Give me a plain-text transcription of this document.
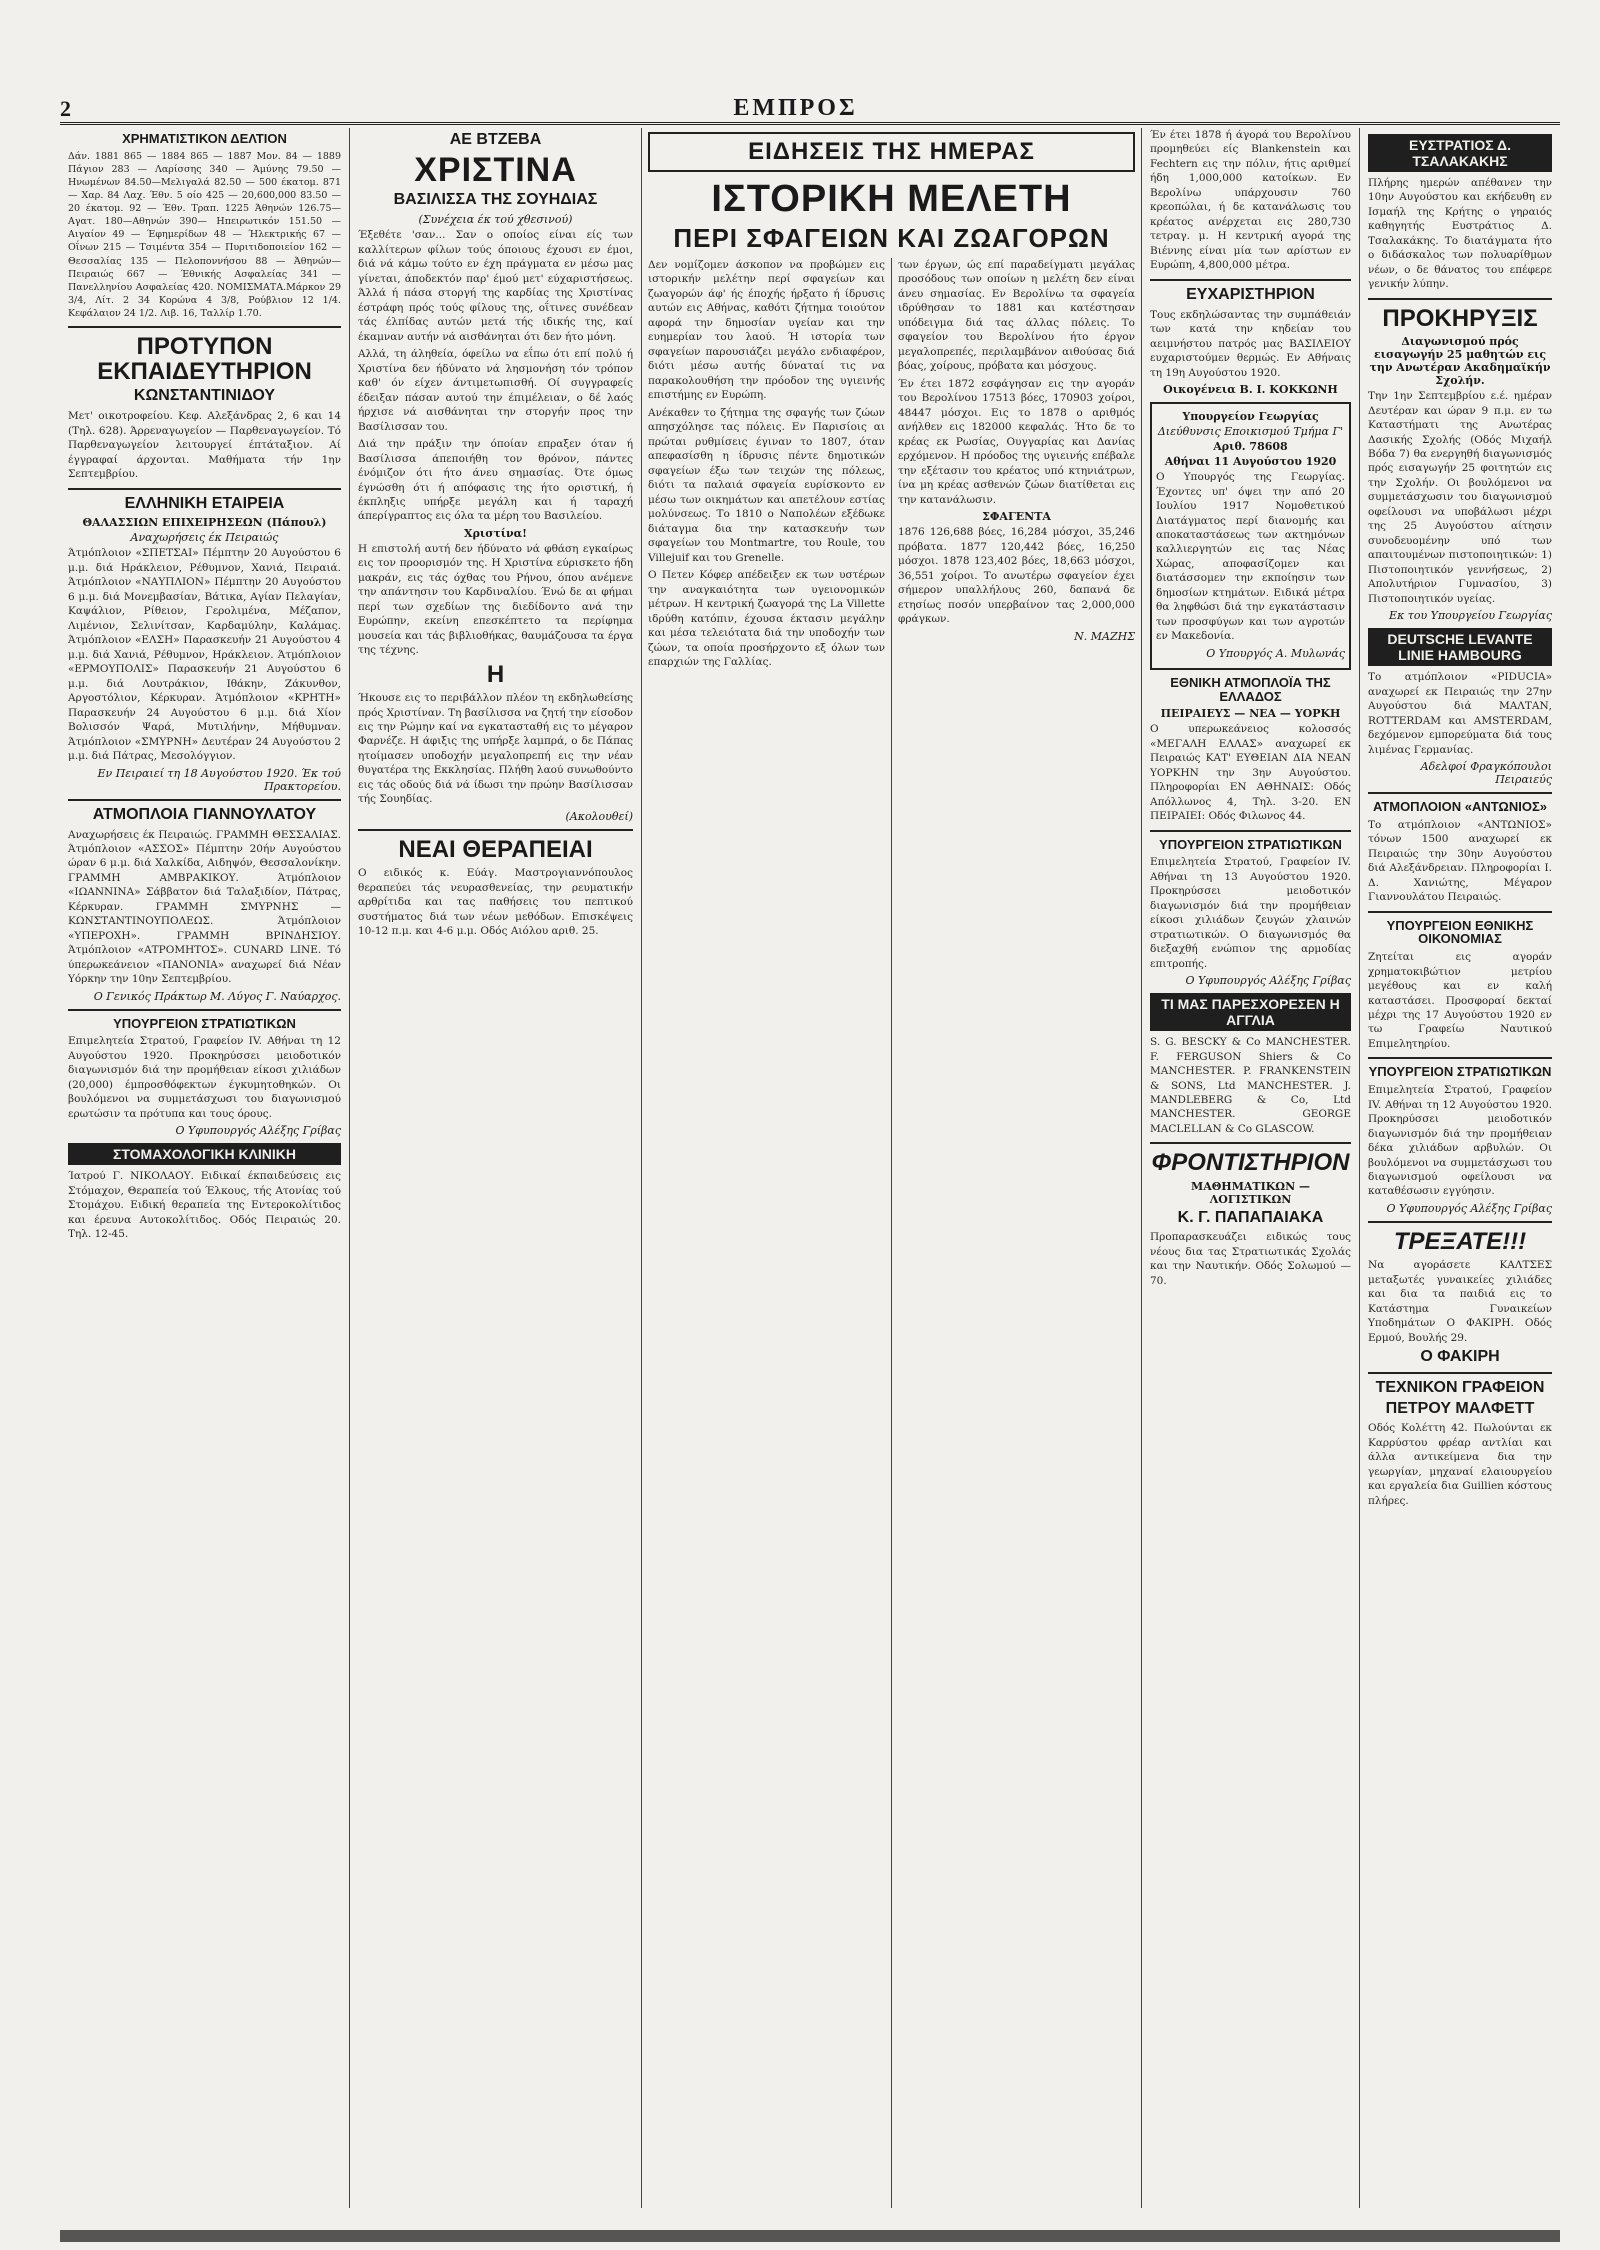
2	ΕΜΠΡΟΣ
ΧΡΗΜΑΤΙΣΤΙΚΟΝ ΔΕΛΤΙΟΝ

Δάν. 1881 865 — 1884 865 — 1887 Μον. 84 — 1889 Πάγιον 283 — Λαρίσσης 340 — Άμύνης 79.50 — Ηνωμένων 84.50—Μελιγαλά 82.50 — 500 έκατομ. 871 — Χαρ. 84 Λαχ. Έθν. 5 οίο 425 — 20,600,000 83.50 — 20 έκατομ. 92 — Έθν. Τραπ. 1225 Άθηνών 126.75—Αγατ. 180—Αθηνών 390— Ηπειρωτικόν 151.50 — Αιγαίον 49 — Έφημερίδων 48 — Ήλεκτρικής 67 — Οΐνων 215 — Τσιμέντα 354 — Πυριτιδοποιείον 162 — Θεσσαλίας 135 — Πελοποννήσου 88 — Άθηνών—Πειραιώς 667 — Έθνικής Ασφαλείας 341 — Πανελληνίου Ασφαλείας 420. ΝΟΜΙΣΜΑΤΑ.Μάρκον 29 3/4, Λίτ. 2 34 Κορώνα 4 3/8, Ρούβλιον 12 1/4. Κεφάλαιον 24 1/2. Λιβ. 16, Ταλλίρ 1.70.

ΠΡΟΤΥΠΟΝ ΕΚΠΑΙΔΕΥΤΗΡΙΟΝ
ΚΩΝΣΤΑΝΤΙΝΙΔΟΥ

Μετ' οικοτροφείου. Κεφ. Αλεξάνδρας 2, 6 και 14 (Τηλ. 628). Άρρεναγωγείον — Παρθεναγωγείον. Τό Παρθεναγωγείον λειτουργεί έπτάταξιον. Αί έγγραφαί άρχονται. Μαθήματα τήν 1ην Σεπτεμβρίου.

ΕΛΛΗΝΙΚΗ ΕΤΑΙΡΕΙΑ
ΘΑΛΑΣΣΙΩΝ ΕΠΙΧΕΙΡΗΣΕΩΝ (Πάπουλ)
Αναχωρήσεις έκ Πειραιώς

Άτμόπλοιον «ΣΠΕΤΣΑΙ» Πέμπτην 20 Αυγούστου 6 μ.μ. διά Ηράκλειον, Ρέθυμνον, Χανιά, Πειραιά. Άτμόπλοιον «ΝΑΥΠΛΙΟΝ» Πέμπτην 20 Αυγούστου 6 μ.μ. διά Μονεμβασίαν, Βάτικα, Αγίαν Πελαγίαν, Καψάλιον, Ρίθειον, Γερολιμένα, Μέζαπον, Λιμένιον, Σελινίτσαν, Καρδαμύλην, Καλάμας. Άτμόπλοιον «ΕΛΣΗ» Παρασκευήν 21 Αυγούστου 4 μ.μ. διά Χανιά, Ρέθυμνον, Ηράκλειον. Άτμόπλοιον «ΕΡΜΟΥΠΟΛΙΣ» Παρασκευήν 21 Αυγούστου 6 μ.μ. διά Λουτράκιον, Ιθάκην, Ζάκυνθον, Αργοστόλιον, Κέρκυραν. Άτμόπλοιον «ΚΡΗΤΗ» Παρασκευήν 24 Αυγούστου 6 μ.μ. διά Χίον Βολισσόν Ψαρά, Μυτιλήνην, Μήθυμναν. Άτμόπλοιον «ΣΜΥΡΝΗ» Δευτέραν 24 Αυγούστου 2 μ.μ. διά Πάτρας, Μεσολόγγιον.

Εν Πειραιεί τη 18 Αυγούστου 1920. Έκ τού Πρακτορείου.
ΑΤΜΟΠΛΟΙΑ ΓΙΑΝΝΟΥΛΑΤΟΥ

Αναχωρήσεις έκ Πειραιώς. ΓΡΑΜΜΗ ΘΕΣΣΑΛΙΑΣ. Άτμόπλοιον «ΑΣΣΟΣ» Πέμπτην 20ήν Αυγούστου ώραν 6 μ.μ. διά Χαλκίδα, Αιδηψόν, Θεσσαλονίκην. ΓΡΑΜΜΗ ΑΜΒΡΑΚΙΚΟΥ. Άτμόπλοιον «ΙΩΑΝΝΙΝΑ» Σάββατον διά Ταλαξιδίον, Πάτρας, Κέρκυραν. ΓΡΑΜΜΗ ΣΜΥΡΝΗΣ — ΚΩΝΣΤΑΝΤΙΝΟΥΠΟΛΕΩΣ. Άτμόπλοιον «ΥΠΕΡΟΧΗ». ΓΡΑΜΜΗ ΒΡΙΝΔΗΣΙΟΥ. Άτμόπλοιον «ΑΤΡΟΜΗΤΟΣ». CUNARD LINE. Τό ύπερωκεάνειον «ΠΑΝΟΝΙΑ» αναχωρεί διά Νέαν Υόρκην την 10ην Σεπτεμβρίου.

Ο Γενικός Πράκτωρ Μ. Λύγος Γ. Ναύαρχος.
ΥΠΟΥΡΓΕΙΟΝ ΣΤΡΑΤΙΩΤΙΚΩΝ

Επιμελητεία Στρατού, Γραφείον IV. Αθήναι τη 12 Αυγούστου 1920. Προκηρύσσει μειοδοτικόν διαγωνισμόν διά την προμήθειαν είκοσι χιλιάδων (20,000) έμπροσθόφεκτων έγκυμητοθηκών. Οι βουλόμενοι να συμμετάσχωσι του διαγωνισμού ερωτώσιν τα πρότυπα και τους όρους.

Ο Υφυπουργός Αλέξης Γρίβας
ΣΤΟΜΑΧΟΛΟΓΙΚΗ ΚΛΙΝΙΚΗ

Ίατρού Γ. ΝΙΚΟΛΑΟΥ. Ειδικαί έκπαιδεύσεις εις Στόμαχον, Θεραπεία τού Έλκους, τής Ατονίας τού Στομάχου. Ειδική θεραπεία της Εντεροκολίτιδος και έρευνα Αυτοκολίτιδος. Οδός Πειραιώς 20. Τηλ. 12-45.

ΑΕ ΒΤΖΕΒΑ
ΧΡΙΣΤΙΝΑ
ΒΑΣΙΛΙΣΣΑ ΤΗΣ ΣΟΥΗΔΙΑΣ
(Συνέχεια έκ τού χθεσινού)

Έξεθέτε 'σαν... Σαν ο οποίος είναι είς των καλλίτερων φίλων τούς όποιους έχουσι εν έμοι, διά νά κάμω τούτο εν έχη πράγματα εν μέσω μας γίνεται, άποδεκτόν παρ' έμού μετ' εύχαριστήσεως. Άλλά ή πάσα στοργή της καρδίας της Χριστίνας έστράφη πρός τούς φίλους της, οΐτινες συνέδεαν τάς έλπίδας αυτών μετά τής ιδικής της, καί έκαμναν αυτήν νά αισθάνηται ότι δεν ήτο μόνη.

Αλλά, τη άληθεία, όφείλω να εΐπω ότι επί πολύ ή Χριστίνα δεν ήδύνατο νά λησμονήση τόν τρόπον καθ' όν είχεν άντιμετωπισθή. Οί συγγραφείς έδειξαν πάσαν αυτού την έπιμέλειαν, ο δέ λαός ήρχισε νά αισθάνηται την στοργήν προς την Βασίλισσαν του.

Διά την πράξιν την όποίαν επραξεν όταν ή Βασίλισσα άπεποιήθη τον θρόνον, πάντες ένόμιζον ότι ήτο άνευ σημασίας. Ότε όμως έγνώσθη ότι ή απόφασις της ήτο οριστική, ή έκπληξις υπήρξε μεγάλη και ή ταραχή άπερίγραπτος εις όλα τα μέρη του Βασιλείου.

Χριστίνα!

Η επιστολή αυτή δεν ήδύνατο νά φθάση εγκαίρως εις τον προορισμόν της. Η Χριστίνα εύρισκετο ήδη μακράν, εις τάς όχθας του Ρήνου, όπου ανέμενε την απάντησιν του Καρδιναλίου. Ένώ δε αι φήμαι περί των σχεδίων της διεδίδοντο ανά την Ευρώπην, εκείνη επεσκέπτετο τα περίφημα μουσεία και τάς βιβλιοθήκας, θαυμάζουσα τα έργα της τέχνης.

Η

Ήκουσε εις το περιβάλλον πλέον τη εκδηλωθείσης πρός Χριστίναν. Τη βασίλισσα να ζητή την είσοδον εις την Ρώμην καί να εγκατασταθή εις το μέγαρον Φαρνέζε. Η άφιξις της υπήρξε λαμπρά, ο δε Πάπας ητοίμασεν υποδοχήν μεγαλοπρεπή εις την νέαν θυγατέρα της Εκκλησίας. Πλήθη λαού συνωθούντο εις τάς οδούς διά νά ίδωσι την πρώην Βασίλισσαν τής Σουηδίας.

(Ακολουθεί)
ΝΕΑΙ ΘΕΡΑΠΕΙΑΙ

Ο ειδικός κ. Εύάγ. Μαστρογιαννόπουλος θεραπεύει τάς νευρασθενείας, την ρευματικήν αρθρίτιδα και τας παθήσεις του πεπτικού συστήματος διά των νέων μεθόδων. Επισκέψεις 10-12 π.μ. και 4-6 μ.μ. Οδός Αιόλου αριθ. 25.

ΕΙΔΗΣΕΙΣ ΤΗΣ ΗΜΕΡΑΣ
ΙΣΤΟΡΙΚΗ ΜΕΛΕΤΗ
ΠΕΡΙ ΣΦΑΓΕΙΩΝ ΚΑΙ ΖΩΑΓΟΡΩΝ

Δεν νομίζομεν άσκοπον να προβώμεν εις ιστορικήν μελέτην περί σφαγείων και ζωαγορών άφ' ής έποχής ήρξατο ή ίδρυσις αυτών εις Αθήνας, καθότι ζήτημα τοιούτον αφορά την δημοσίαν υγείαν και την ευημερίαν του λαού. Ή ιστορία των σφαγείων παρουσιάζει μεγάλο ενδιαφέρον, διότι μέσω αυτής δύναταί τις να παρακολουθήση την πρόοδον της υγιεινής επιστήμης εν Ευρώπη.

Ανέκαθεν το ζήτημα της σφαγής των ζώων απησχόλησε τας πόλεις. Εν Παρισίοις αι πρώται ρυθμίσεις έγιναν το 1807, όταν απεφασίσθη η ίδρυσις πέντε δημοτικών σφαγείων έξω των τειχών της πόλεως, διότι τα παλαιά σφαγεία ευρίσκοντο εν μέσω των οικημάτων και απετέλουν εστίας μολύνσεως. Το 1810 ο Ναπολέων εξέδωκε διάταγμα δια την κατασκευήν των σφαγείων του Montmartre, του Roule, του Villejuif και του Grenelle.

Ο Πετεν Κόφερ απέδειξεν εκ των υστέρων την αναγκαιότητα των υγειονομικών μέτρων. Η κεντρική ζωαγορά της La Villette ιδρύθη κατόπιν, έχουσα έκτασιν μεγάλην και μέσα τελειότατα διά την υποδοχήν των ζώων, τα οποία προσήρχοντο εξ όλων των επαρχιών της Γαλλίας.

των έργων, ώς επί παραδείγματι μεγάλας προσόδους των οποίων η μελέτη δεν είναι άνευ σημασίας. Εν Βερολίνω τα σφαγεία ιδρύθησαν το 1881 και κατέστησαν υπόδειγμα διά τας άλλας πόλεις. Το σφαγείον του Βερολίνου ήτο έργον μεγαλοπρεπές, περιλαμβάνον αιθούσας διά βόας, χοίρους, πρόβατα και μόσχους.

Έν έτει 1872 εσφάγησαν εις την αγοράν του Βερολίνου 17513 βόες, 170903 χοίροι, 48447 μόσχοι. Εις το 1878 ο αριθμός ανήλθεν εις 182000 κεφαλάς. Ήτο δε το κρέας εκ Ρωσίας, Ουγγαρίας και Δανίας ερχόμενον. Η πρόοδος της υγιεινής επέβαλε την εξέτασιν του κρέατος υπό κτηνιάτρων, ίνα μη κρέας ασθενών ζώων διατίθεται εις την κατανάλωσιν.

ΣΦΑΓΕΝΤΑ

1876 126,688 βόες, 16,284 μόσχοι, 35,246 πρόβατα. 1877 120,442 βόες, 16,250 μόσχοι. 1878 123,402 βόες, 18,663 μόσχοι, 36,551 χοίροι. Το ανωτέρω σφαγείον έχει σήμερον υπαλλήλους 260, δαπανά δε ετησίως ποσόν υπερβαίνον τας 2,000,000 φράγκων.

Ν. ΜΑΖΗΣ

Έν έτει 1878 ή άγορά του Βερολίνου προμηθεύει είς Blankenstein και Fechtern εις την πόλιν, ήτις αριθμεί ήδη 1,000,000 κατοίκων. Εν Βερολίνω υπάρχουσιν 760 κρεοπώλαι, ή δε κατανάλωσις του κρέατος ανέρχεται εις 280,730 τετραγ. μ. Η κεντρική αγορά της Βιέννης είναι μία των αρίστων εν Ευρώπη, 4,800,000 μέτρα.

ΕΥΧΑΡΙΣΤΗΡΙΟΝ

Τους εκδηλώσαντας την συμπάθειάν των κατά την κηδείαν του αειμνήστου πατρός μας ΒΑΣΙΛΕΙΟΥ ευχαριστούμεν θερμώς. Εν Αθήναις τη 19η Αυγούστου 1920.

Οικογένεια Β. Ι. ΚΟΚΚΩΝΗ
Υπουργείον Γεωργίας
Διεύθυνσις Εποικισμού Τμήμα Γ'
Αριθ. 78608
Αθήναι 11 Αυγούστου 1920

Ο Υπουργός της Γεωργίας. Έχοντες υπ' όψει την από 20 Ιουλίου 1917 Νομοθετικού Διατάγματος περί διανομής και αποκαταστάσεως των ακτημόνων καλλιεργητών εις τας Νέας Χώρας, αποφασίζομεν και διατάσσομεν την εκποίησιν των δημοσίων κτημάτων. Ειδικά μέτρα θα ληφθώσι διά την εγκατάστασιν των προσφύγων και των αγροτών εν Μακεδονία.

Ο Υπουργός Α. Μυλωνάς
ΕΘΝΙΚΗ ΑΤΜΟΠΛΟΪΑ ΤΗΣ ΕΛΛΑΔΟΣ
ΠΕΙΡΑΙΕΥΣ — ΝΕΑ — ΥΟΡΚΗ

Ο υπερωκεάνειος κολοσσός «ΜΕΓΑΛΗ ΕΛΛΑΣ» αναχωρεί εκ Πειραιώς ΚΑΤ' ΕΥΘΕΙΑΝ ΔΙΑ ΝΕΑΝ ΥΟΡΚΗΝ την 3ην Αυγούστου. Πληροφορίαι ΕΝ ΑΘΗΝΑΙΣ: Οδός Απόλλωνος 4, Τηλ. 3-20. ΕΝ ΠΕΙΡΑΙΕΙ: Οδός Φιλωνος 44.

ΥΠΟΥΡΓΕΙΟΝ ΣΤΡΑΤΙΩΤΙΚΩΝ

Επιμελητεία Στρατού, Γραφείον IV. Αθήναι τη 13 Αυγούστου 1920. Προκηρύσσει μειοδοτικόν διαγωνισμόν διά την προμήθειαν είκοσι χιλιάδων ζευγών χλαινών στρατιωτικών. Ο διαγωνισμός θα διεξαχθή ενώπιον της αρμοδίας επιτροπής.

Ο Υφυπουργός Αλέξης Γρίβας
ΤΙ ΜΑΣ ΠΑΡΕΣΧΟΡΕΣΕΝ Η ΑΓΓΛΙΑ

S. G. BESCKY & Co MANCHESTER. F. FERGUSON Shiers & Co MANCHESTER. P. FRANKENSTEIN & SONS, Ltd MANCHESTER. J. MANDLEBERG & Co, Ltd MANCHESTER. GEORGE MACLELLAN & Co GLASCOW.

ΦΡΟΝΤΙΣΤΗΡΙΟΝ
ΜΑΘΗΜΑΤΙΚΩΝ — ΛΟΓΙΣΤΙΚΩΝ
Κ. Γ. ΠΑΠΑΠΑΙΑΚΑ

Προπαρασκευάζει ειδικώς τους νέους δια τας Στρατιωτικάς Σχολάς και την Ναυτικήν. Οδός Σολωμού — 70.

ΕΥΣΤΡΑΤΙΟΣ Δ. ΤΣΑΛΑΚΑΚΗΣ

Πλήρης ημερών απέθανεν την 10ην Αυγούστου και εκήδευθη εν Ισμαήλ της Κρήτης ο γηραιός καθηγητής Ευστράτιος Δ. Τσαλακάκης. Το διατάγματα ήτο ο διδάσκαλος των πολυαρίθμων νέων, ο δε θάνατος του επέφερε γενικήν λύπην.

ΠΡΟΚΗΡΥΞΙΣ
Διαγωνισμού πρός εισαγωγήν 25 μαθητών εις την Ανωτέραν Ακαδημαϊκήν Σχολήν.

Την 1ην Σεπτεμβρίου ε.έ. ημέραν Δευτέραν και ώραν 9 π.μ. εν τω Καταστήματι της Ανωτέρας Δασικής Σχολής (Οδός Μιχαήλ Βόδα 7) θα ενεργηθή διαγωνισμός πρός εισαγωγήν 25 φοιτητών εις την Σχολήν. Οι βουλόμενοι να συμμετάσχωσιν του διαγωνισμού οφείλουσι να υποβάλωσι μέχρι της 25 Αυγούστου αίτησιν συνοδευομένην υπό των απαιτουμένων πιστοποιητικών: 1) Πιστοποιητικόν γεννήσεως, 2) Απολυτήριον Γυμνασίου, 3) Πιστοποιητικόν υγείας.

Εκ του Υπουργείου Γεωργίας
DEUTSCHE LEVANTE LINIE HAMBOURG

Το ατμόπλοιον «PIDUCIA» αναχωρεί εκ Πειραιώς την 27ην Αυγούστου διά ΜΑΛΤΑΝ, ROTTERDAM και AMSTERDAM, δεχόμενον εμπορεύματα διά τους λιμένας Γερμανίας.

Αδελφοί Φραγκόπουλοι Πειραιεύς
ΑΤΜΟΠΛΟΙΟΝ «ΑΝΤΩΝΙΟΣ»

Το ατμόπλοιον «ΑΝΤΩΝΙΟΣ» τόνων 1500 αναχωρεί εκ Πειραιώς την 30ην Αυγούστου διά Αλεξάνδρειαν. Πληροφορίαι Ι. Δ. Χανιώτης, Μέγαρον Γιαννουλάτου Πειραιώς.

ΥΠΟΥΡΓΕΙΟΝ ΕΘΝΙΚΗΣ ΟΙΚΟΝΟΜΙΑΣ

Ζητείται εις αγοράν χρηματοκιβώτιον μετρίου μεγέθους και εν καλή καταστάσει. Προσφοραί δεκταί μέχρι της 17 Αυγούστου 1920 εν τω Γραφείω Ναυτικού Επιμελητηρίου.

ΥΠΟΥΡΓΕΙΟΝ ΣΤΡΑΤΙΩΤΙΚΩΝ

Επιμελητεία Στρατού, Γραφείον IV. Αθήναι τη 12 Αυγούστου 1920. Προκηρύσσει μειοδοτικόν διαγωνισμόν διά την προμήθειαν δέκα χιλιάδων αρβυλών. Οι βουλόμενοι να συμμετάσχωσι του διαγωνισμού οφείλουσι να καταθέσωσιν εγγύησιν.

Ο Υφυπουργός Αλέξης Γρίβας
ΤΡΕΞΑΤΕ!!!

Να αγοράσετε ΚΑΛΤΣΕΣ μεταξωτές γυναικείες χιλιάδες και δια τα παιδιά εις το Κατάστημα Γυναικείων Υποδημάτων Ο ΦΑΚΙΡΗ. Οδός Ερμού, Βουλής 29.

Ο ΦΑΚΙΡΗ
ΤΕΧΝΙΚΟΝ ΓΡΑΦΕΙΟΝ
ΠΕΤΡΟΥ ΜΑΛΦΕΤΤ

Οδός Κολέττη 42. Πωλούνται εκ Καρρύστου φρέαρ αντλίαι και άλλα αντικείμενα δια την γεωργίαν, μηχαναί ελαιουργείου και εργαλεία δια Guillien κόστους πλήρες.
